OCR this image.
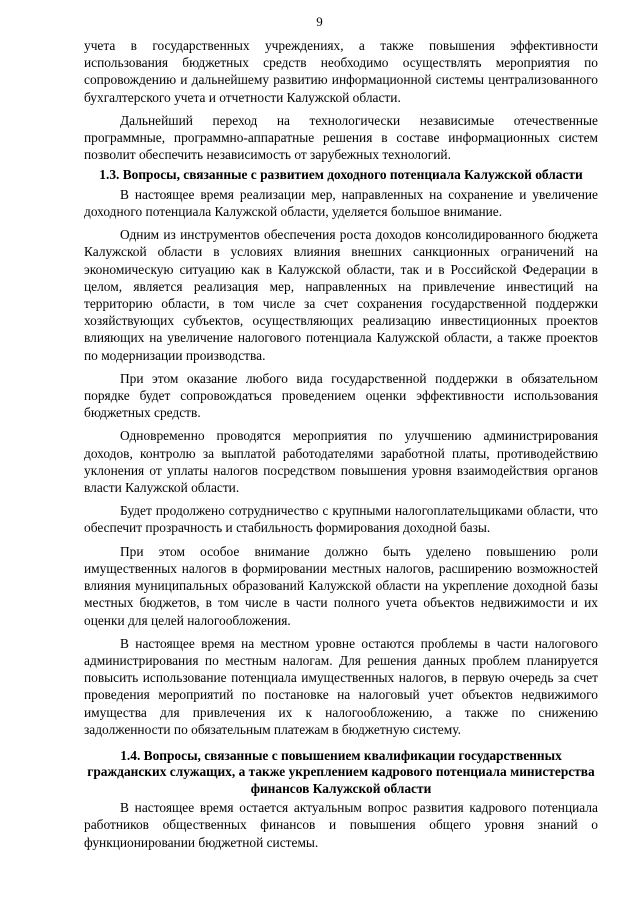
9

учета в государственных учреждениях, а также повышения эффективности использования бюджетных средств необходимо осуществлять мероприятия по сопровождению и дальнейшему развитию информационной системы централизованного бухгалтерского учета и отчетности Калужской области.

Дальнейший переход на технологически независимые отечественные программные, программно-аппаратные решения в составе информационных систем позволит обеспечить независимость от зарубежных технологий.

1.3. Вопросы, связанные с развитием доходного потенциала Калужской области

В настоящее время реализации мер, направленных на сохранение и увеличение доходного потенциала Калужской области, уделяется большое внимание.

Одним из инструментов обеспечения роста доходов консолидированного бюджета Калужской области в условиях влияния внешних санкционных ограничений на экономическую ситуацию как в Калужской области, так и в Российской Федерации в целом, является реализация мер, направленных на привлечение инвестиций на территорию области, в том числе за счет сохранения государственной поддержки хозяйствующих субъектов, осуществляющих реализацию инвестиционных проектов влияющих на увеличение налогового потенциала Калужской области, а также проектов по модернизации производства.

При этом оказание любого вида государственной поддержки в обязательном порядке будет сопровождаться проведением оценки эффективности использования бюджетных средств.

Одновременно проводятся мероприятия по улучшению администрирования доходов, контролю за выплатой работодателями заработной платы, противодействию уклонения от уплаты налогов посредством повышения уровня взаимодействия органов власти Калужской области.

Будет продолжено сотрудничество с крупными налогоплательщиками области, что обеспечит прозрачность и стабильность формирования доходной базы.

При этом особое внимание должно быть уделено повышению роли имущественных налогов в формировании местных налогов, расширению возможностей влияния муниципальных образований Калужской области на укрепление доходной базы местных бюджетов, в том числе в части полного учета объектов недвижимости и их оценки для целей налогообложения.

В настоящее время на местном уровне остаются проблемы в части налогового администрирования по местным налогам. Для решения данных проблем планируется повысить использование потенциала имущественных налогов, в первую очередь за счет проведения мероприятий по постановке на налоговый учет объектов недвижимого имущества для привлечения их к налогообложению, а также по снижению задолженности по обязательным платежам в бюджетную систему.

1.4. Вопросы, связанные с повышением квалификации государственных гражданских служащих, а также укреплением кадрового потенциала министерства финансов Калужской области

В настоящее время остается актуальным вопрос развития кадрового потенциала работников общественных финансов и повышения общего уровня знаний о функционировании бюджетной системы.
